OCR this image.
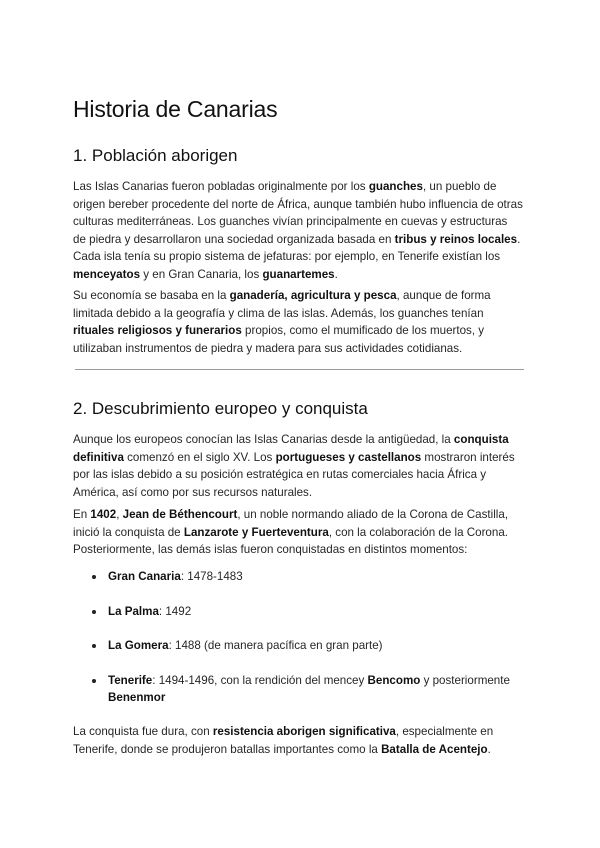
Historia de Canarias
1. Población aborigen

Las Islas Canarias fueron pobladas originalmente por los guanches, un pueblo de origen bereber procedente del norte de África, aunque también hubo influencia de otras culturas mediterráneas. Los guanches vivían principalmente en cuevas y estructuras de piedra y desarrollaron una sociedad organizada basada en tribus y reinos locales. Cada isla tenía su propio sistema de jefaturas: por ejemplo, en Tenerife existían los menceyatos y en Gran Canaria, los guanartemes.

Su economía se basaba en la ganadería, agricultura y pesca, aunque de forma limitada debido a la geografía y clima de las islas. Además, los guanches tenían rituales religiosos y funerarios propios, como el mumificado de los muertos, y utilizaban instrumentos de piedra y madera para sus actividades cotidianas.

2. Descubrimiento europeo y conquista

Aunque los europeos conocían las Islas Canarias desde la antigüedad, la conquista definitiva comenzó en el siglo XV. Los portugueses y castellanos mostraron interés por las islas debido a su posición estratégica en rutas comerciales hacia África y América, así como por sus recursos naturales.

En 1402, Jean de Béthencourt, un noble normando aliado de la Corona de Castilla, inició la conquista de Lanzarote y Fuerteventura, con la colaboración de la Corona. Posteriormente, las demás islas fueron conquistadas en distintos momentos:

Gran Canaria: 1478-1483
La Palma: 1492
La Gomera: 1488 (de manera pacífica en gran parte)
Tenerife: 1494-1496, con la rendición del mencey Bencomo y posteriormente Benenmor

La conquista fue dura, con resistencia aborigen significativa, especialmente en Tenerife, donde se produjeron batallas importantes como la Batalla de Acentejo.
